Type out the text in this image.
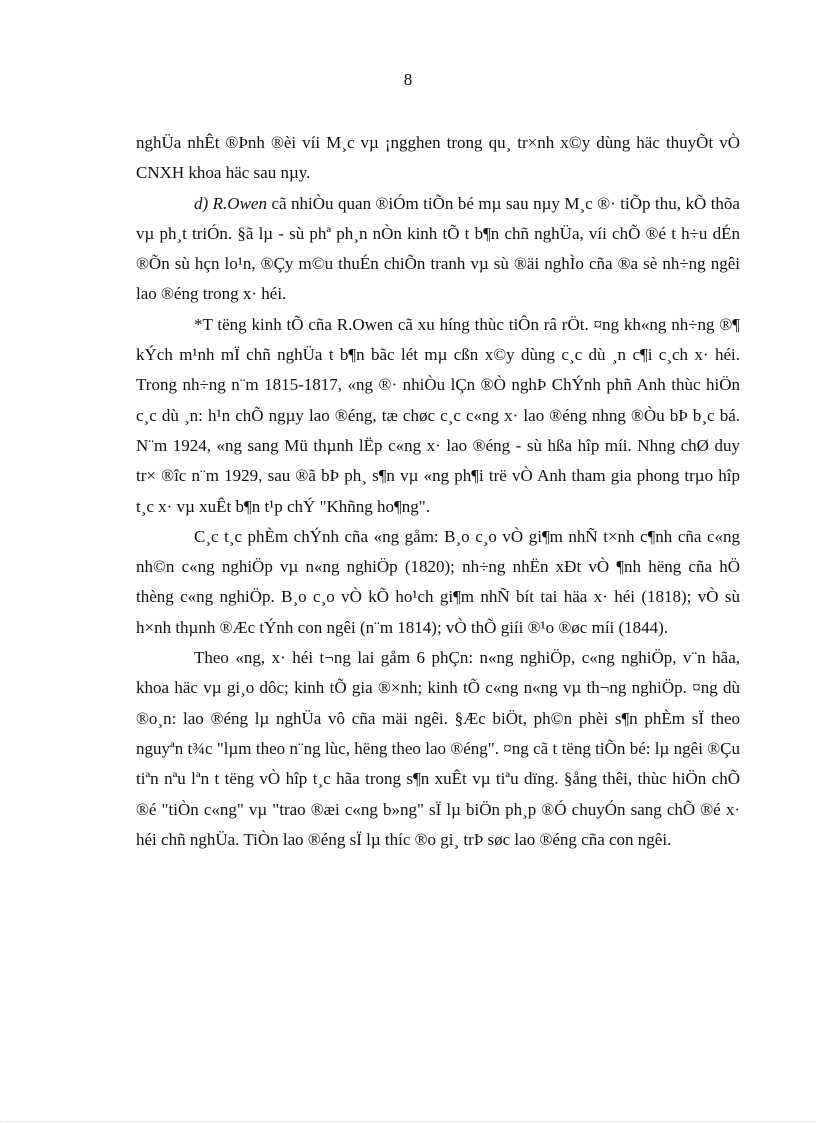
8

nghÜa nhÊt ®Þnh ®èi víi M¸c vµ ¡ngghen trong qu¸ tr×nh x©y dùng häc thuyÕt vÒ CNXH khoa häc sau nµy.

d) R.Owen cã nhiÒu quan ®iÓm tiÕn bé mµ sau nµy M¸c ®· tiÕp thu, kÕ thõa vµ ph¸t triÓn. §ã lµ - sù phª ph¸n nÒn kinh tÕ t b¶n chñ nghÜa, víi chÕ ®é t h÷u dÉn ®Õn sù hçn lo¹n, ®Çy m©u thuÉn chiÕn tranh vµ sù ®äi nghÌo cña ®a sè nh÷ng ngêi lao ®éng trong x· héi.

*T tëng kinh tÕ cña R.Owen cã xu híng thùc tiÔn râ rÖt. ¤ng kh«ng nh÷ng ®¶ kÝch m¹nh mÏ chñ nghÜa t b¶n bãc lét mµ cßn x©y dùng c¸c dù ¸n c¶i c¸ch x· héi. Trong nh÷ng n¨m 1815-1817, «ng ®· nhiÒu lÇn ®Ò nghÞ ChÝnh phñ Anh thùc hiÖn c¸c dù ¸n: h¹n chÕ ngµy lao ®éng, tæ chøc c¸c c«ng x· lao ®éng nhng ®Òu bÞ b¸c bá. N¨m 1924, «ng sang Mü thµnh lËp c«ng x· lao ®éng - sù hßa hîp míi. Nhng chØ duy tr× ®îc n¨m 1929, sau ®ã bÞ ph¸ s¶n vµ «ng ph¶i trë vÒ Anh tham gia phong trµo hîp t¸c x· vµ xuÊt b¶n t¹p chÝ "Khñng ho¶ng".

C¸c t¸c phÈm chÝnh cña «ng gåm: B¸o c¸o vÒ gi¶m nhÑ t×nh c¶nh cña c«ng nh©n c«ng nghiÖp vµ n«ng nghiÖp (1820); nh÷ng nhËn xÐt vÒ ¶nh hëng cña hÖ thèng c«ng nghiÖp. B¸o c¸o vÒ kÕ ho¹ch gi¶m nhÑ bít tai häa x· héi (1818); vÒ sù h×nh thµnh ®Æc tÝnh con ngêi (n¨m 1814); vÒ thÕ giíi ®¹o ®øc míi (1844).

Theo «ng, x· héi t¬ng lai gåm 6 phÇn: n«ng nghiÖp, c«ng nghiÖp, v¨n hãa, khoa häc vµ gi¸o dôc; kinh tÕ gia ®×nh; kinh tÕ c«ng n«ng vµ th¬ng nghiÖp. ¤ng dù ®o¸n: lao ®éng lµ nghÜa vô cña mäi ngêi. §Æc biÖt, ph©n phèi s¶n phÈm sÏ theo nguyªn t¾c "lµm theo n¨ng lùc, hëng theo lao ®éng". ¤ng cã t tëng tiÕn bé: lµ ngêi ®Çu tiªn nªu lªn t tëng vÒ hîp t¸c hãa trong s¶n xuÊt vµ tiªu dïng. §ång thêi, thùc hiÖn chÕ ®é "tiÒn c«ng" vµ "trao ®æi c«ng b»ng" sÏ lµ biÖn ph¸p ®Ó chuyÓn sang chÕ ®é x· héi chñ nghÜa. TiÒn lao ®éng sÏ lµ thíc ®o gi¸ trÞ søc lao ®éng cña con ngêi.
